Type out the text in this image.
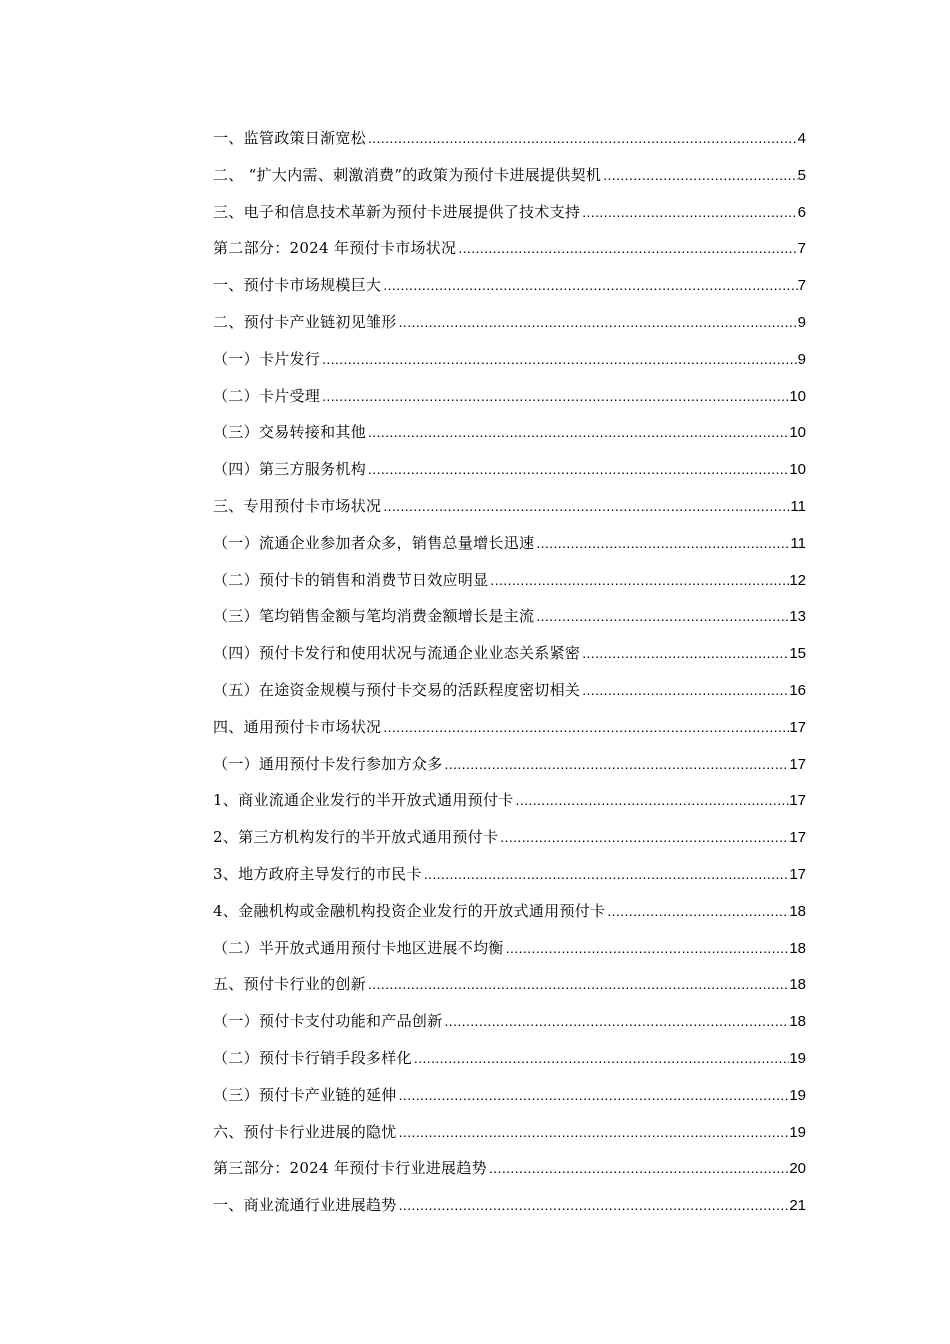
一、监管政策日渐宽松 .....	4
二、 “扩大内需、刺激消费”的政策为预付卡进展提供契机 .....	5
三、电子和信息技术革新为预付卡进展提供了技术支持 .....	6
第二部分：2024 年预付卡市场状况 .....	7
一、预付卡市场规模巨大 .....	7
二、预付卡产业链初见雏形 .....	9
（一）卡片发行 .....	9
（二）卡片受理 .....	10
（三）交易转接和其他 .....	10
（四）第三方服务机构 .....	10
三、专用预付卡市场状况 .....	11
（一）流通企业参加者众多，销售总量增长迅速 .....	11
（二）预付卡的销售和消费节日效应明显 .....	12
（三）笔均销售金额与笔均消费金额增长是主流 .....	13
（四）预付卡发行和使用状况与流通企业业态关系紧密 .....	15
（五）在途资金规模与预付卡交易的活跃程度密切相关 .....	16
四、通用预付卡市场状况 .....	17
（一）通用预付卡发行参加方众多 .....	17
1、商业流通企业发行的半开放式通用预付卡 .....	17
2、第三方机构发行的半开放式通用预付卡 .....	17
3、地方政府主导发行的市民卡 .....	17
4、金融机构或金融机构投资企业发行的开放式通用预付卡 .....	18
（二）半开放式通用预付卡地区进展不均衡 .....	18
五、预付卡行业的创新 .....	18
（一）预付卡支付功能和产品创新 .....	18
（二）预付卡行销手段多样化 .....	19
（三）预付卡产业链的延伸 .....	19
六、预付卡行业进展的隐忧 .....	19
第三部分：2024 年预付卡行业进展趋势 .....	20
一、商业流通行业进展趋势 .....	21
